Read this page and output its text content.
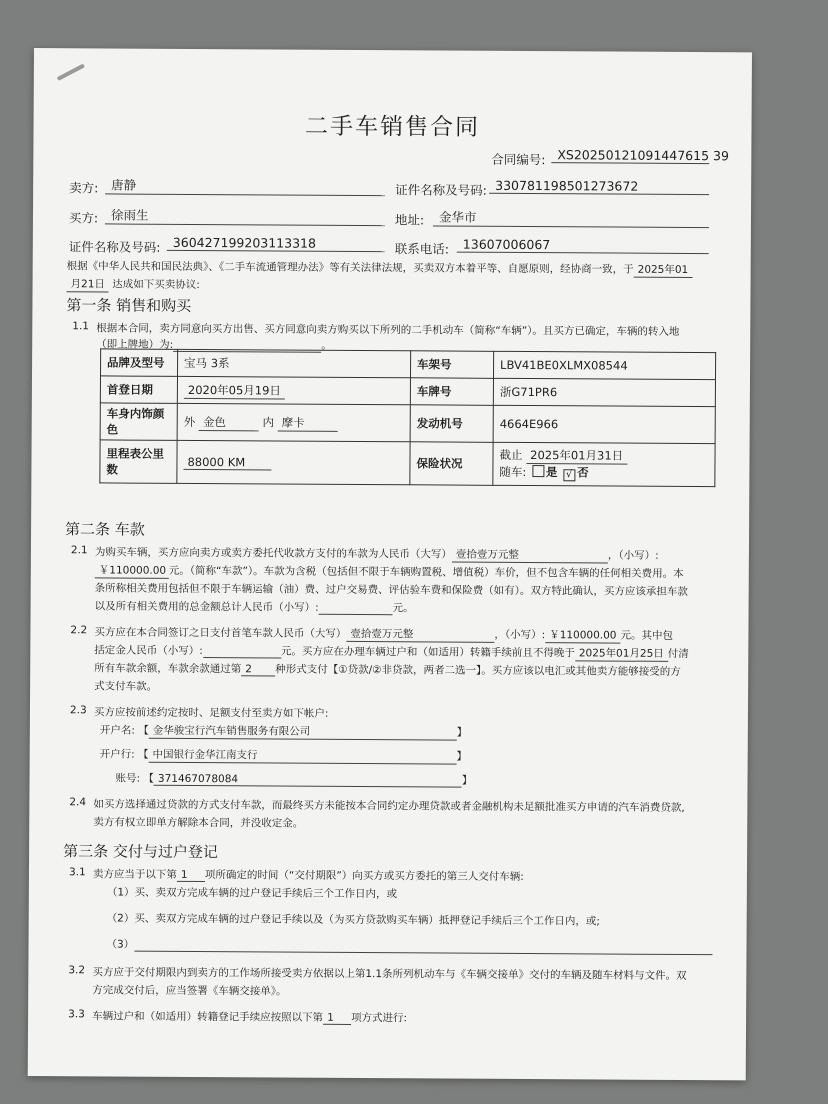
二手车销售合同
合同编号: XS20250121091447615 39
卖方:	唐静	证件名称及号码: 330781198501273672
买方:	徐雨生	地址:	金华市
证件名称及号码: 360427199203113318	联系电话:	13607006067
根据《中华人民共和国民法典》、《二手车流通管理办法》等有关法律法规，买卖双方本着平等、自愿原则，经协商一致，于 2025年01
月21日 达成如下买卖协议:
第一条 销售和购买
1.1 根据本合同，卖方同意向买方出售、买方同意向卖方购买以下所列的二手机动车（简称“车辆”）。且买方已确定，车辆的转入地
（即上牌地）为:	。
品牌及型号	宝马 3系	车架号	LBV41BE0XLMX08544
首登日期	2020年05月19日	车牌号	浙G71PR6
车身内饰颜色	外 金色 内 摩卡	发动机号	4664E966
里程表公里数	88000 KM	保险状况	截止 2025年01月31日
随车: 是 √ 否
第二条 车款
2.1 为购买车辆，买方应向卖方或卖方委托代收款方支付的车款为人民币（大写） 壹拾壹万元整	，（小写）:
￥110000.00 元。（简称“车款”）。车款为含税（包括但不限于车辆购置税、增值税）车价，但不包含车辆的任何相关费用。本
条所称相关费用包括但不限于车辆运输（油）费、过户交易费、评估验车费和保险费（如有）。双方特此确认，买方应该承担车款
以及所有相关费用的总金额总计人民币（小写）:	元。
2.2 买方应在本合同签订之日支付首笔车款人民币（大写） 壹拾壹万元整	，（小写）: ￥110000.00 元。其中包
括定金人民币（小写）:	元。买方应在办理车辆过户和（如适用）转籍手续前且不得晚于 2025年01月25日 付清
所有车款余额，车款余款通过第 2 种形式支付【①贷款/②非贷款，两者二选一】。买方应该以电汇或其他卖方能够接受的方
式支付车款。
2.3 买方应按前述约定按时、足额支付至卖方如下帐户:
开户名: 【 金华骏宝行汽车销售服务有限公司	】
开户行: 【 中国银行金华江南支行	】
账号: 【 371467078084	】
2.4 如买方选择通过贷款的方式支付车款，而最终买方未能按本合同约定办理贷款或者金融机构未足额批准买方申请的汽车消费贷款,
卖方有权立即单方解除本合同，并没收定金。
第三条 交付与过户登记
3.1 卖方应当于以下第 1 项所确定的时间（“交付期限”）向买方或买方委托的第三人交付车辆:
（1）买、卖双方完成车辆的过户登记手续后三个工作日内，或
（2）买、卖双方完成车辆的过户登记手续以及（为买方贷款购买车辆）抵押登记手续后三个工作日内，或;
（3）
3.2 买方应于交付期限内到卖方的工作场所接受卖方依据以上第1.1条所列机动车与《车辆交接单》交付的车辆及随车材料与文件。双
方完成交付后，应当签署《车辆交接单》。
3.3 车辆过户和（如适用）转籍登记手续应按照以下第 1 项方式进行:
